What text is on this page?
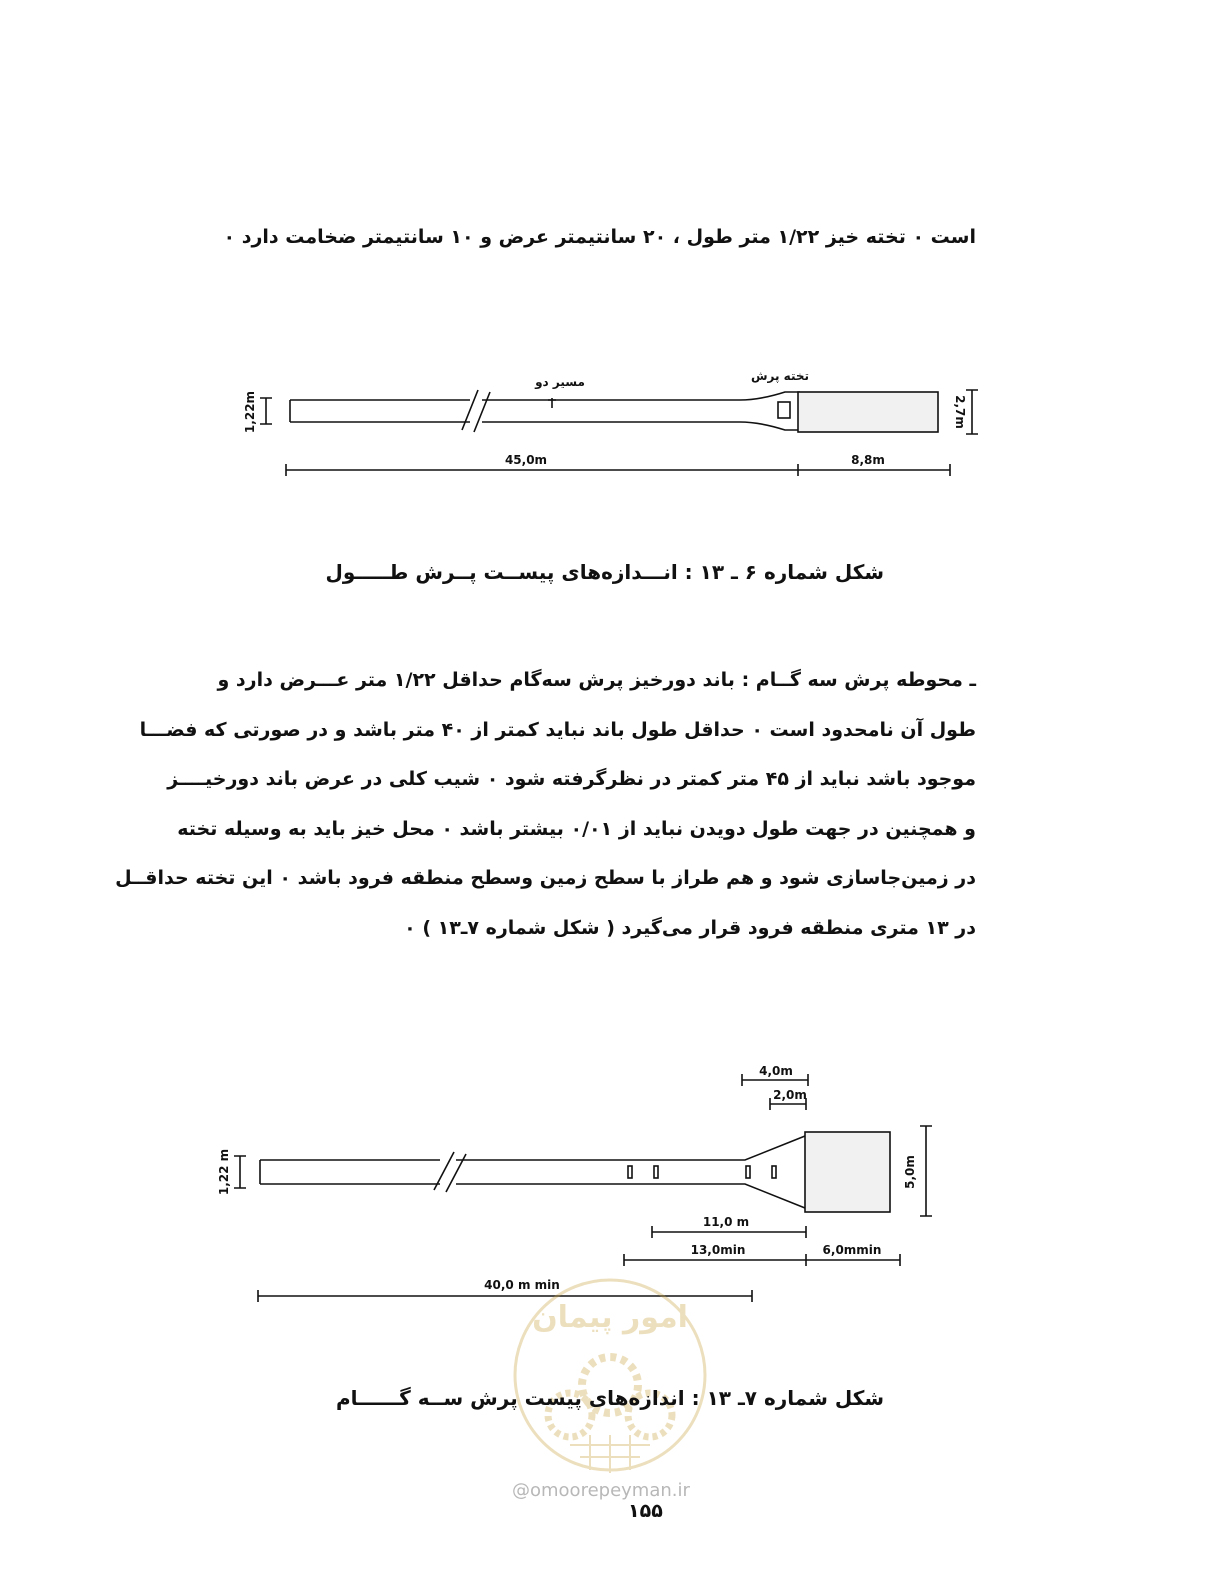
است ٠ تخته خیز ۱/۲۲ متر طول ، ۲۰ سانتیمتر عرض و ۱۰ سانتیمتر ضخامت دارد ٠
1,22m	2,7m
مسیر دو	تخته پرش
45,0m	8,8m
شکل شماره ۶ ـ ۱۳ : انـــدازه‌های پیســت پــرش طـــــول
ـ محوطه پرش سه گــام : باند دورخیز پرش سه‌گام حداقل ۱/۲۲ متر عـــرض دارد و
طول آن نامحدود است ٠ حداقل طول باند نباید کمتر از ۴۰ متر باشد و در صورتی که فضـــا
موجود باشد نباید از ۴۵ متر کمتر در نظرگرفته شود ٠ شیب کلی در عرض باند دورخیــــز
و همچنین در جهت طول دویدن نباید از ۰/۰۱ بیشتر باشد ٠ محل خیز باید به وسیله تخته
در زمین‌جاسازی شود و هم طراز با سطح زمین وسطح منطقه فرود باشد ٠ این تخته حداقــل
در ۱۳ متری منطقه فرود قرار می‌گیرد ( شکل شماره ۷ـ۱۳ ) ٠
4,0m
2,0m
1,22 m	5,0m
11,0 m
13,0min	6,0mmin
40,0 m min
امور پیمان
شکل شماره ۷ـ ۱۳ : اندازه‌های پیست پرش ســه گــــــام
@omoorepeyman.ir
۱۵۵
